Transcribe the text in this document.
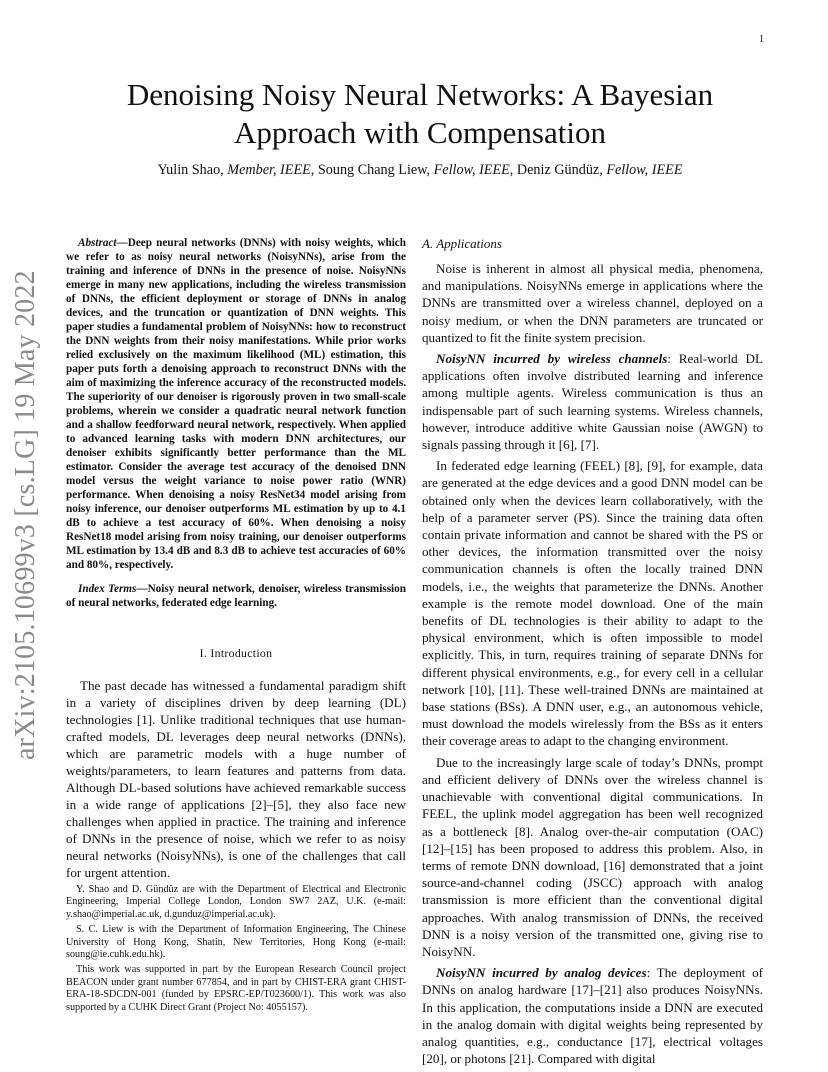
1
arXiv:2105.10699v3 [cs.LG] 19 May 2022
Denoising Noisy Neural Networks: A Bayesian
Approach with Compensation
Yulin Shao, Member, IEEE, Soung Chang Liew, Fellow, IEEE, Deniz Gündüz, Fellow, IEEE

Abstract—Deep neural networks (DNNs) with noisy weights, which we refer to as noisy neural networks (NoisyNNs), arise from the training and inference of DNNs in the presence of noise. NoisyNNs emerge in many new applications, including the wireless transmission of DNNs, the efficient deployment or storage of DNNs in analog devices, and the truncation or quantization of DNN weights. This paper studies a fundamental problem of NoisyNNs: how to reconstruct the DNN weights from their noisy manifestations. While prior works relied exclusively on the maximum likelihood (ML) estimation, this paper puts forth a denoising approach to reconstruct DNNs with the aim of maximizing the inference accuracy of the reconstructed models. The superiority of our denoiser is rigorously proven in two small-scale problems, wherein we consider a quadratic neural network function and a shallow feedforward neural network, respectively. When applied to advanced learning tasks with modern DNN architectures, our denoiser exhibits significantly better performance than the ML estimator. Consider the average test accuracy of the denoised DNN model versus the weight variance to noise power ratio (WNR) performance. When denoising a noisy ResNet34 model arising from noisy inference, our denoiser outperforms ML estimation by up to 4.1 dB to achieve a test accuracy of 60%. When denoising a noisy ResNet18 model arising from noisy training, our denoiser outperforms ML estimation by 13.4 dB and 8.3 dB to achieve test accuracies of 60% and 80%, respectively.

Index Terms—Noisy neural network, denoiser, wireless transmission of neural networks, federated edge learning.

I. Introduction

The past decade has witnessed a fundamental paradigm shift in a variety of disciplines driven by deep learning (DL) technologies [1]. Unlike traditional techniques that use human-crafted models, DL leverages deep neural networks (DNNs), which are parametric models with a huge number of weights/parameters, to learn features and patterns from data. Although DL-based solutions have achieved remarkable success in a wide range of applications [2]–[5], they also face new challenges when applied in practice. The training and inference of DNNs in the presence of noise, which we refer to as noisy neural networks (NoisyNNs), is one of the challenges that call for urgent attention.

Y. Shao and D. Gündüz are with the Department of Electrical and Electronic Engineering, Imperial College London, London SW7 2AZ, U.K. (e-mail: y.shao@imperial.ac.uk, d.gunduz@imperial.ac.uk).

S. C. Liew is with the Department of Information Engineering, The Chinese University of Hong Kong, Shatin, New Territories, Hong Kong (e-mail: soung@ie.cuhk.edu.hk).

This work was supported in part by the European Research Council project BEACON under grant number 677854, and in part by CHIST-ERA grant CHIST-ERA-18-SDCDN-001 (funded by EPSRC-EP/T023600/1). This work was also supported by a CUHK Direct Grant (Project No: 4055157).

A. Applications

Noise is inherent in almost all physical media, phenomena, and manipulations. NoisyNNs emerge in applications where the DNNs are transmitted over a wireless channel, deployed on a noisy medium, or when the DNN parameters are truncated or quantized to fit the finite system precision.

NoisyNN incurred by wireless channels: Real-world DL applications often involve distributed learning and inference among multiple agents. Wireless communication is thus an indispensable part of such learning systems. Wireless channels, however, introduce additive white Gaussian noise (AWGN) to signals passing through it [6], [7].

In federated edge learning (FEEL) [8], [9], for example, data are generated at the edge devices and a good DNN model can be obtained only when the devices learn collaboratively, with the help of a parameter server (PS). Since the training data often contain private information and cannot be shared with the PS or other devices, the information transmitted over the noisy communication channels is often the locally trained DNN models, i.e., the weights that parameterize the DNNs. Another example is the remote model download. One of the main benefits of DL technologies is their ability to adapt to the physical environment, which is often impossible to model explicitly. This, in turn, requires training of separate DNNs for different physical environments, e.g., for every cell in a cellular network [10], [11]. These well-trained DNNs are maintained at base stations (BSs). A DNN user, e.g., an autonomous vehicle, must download the models wirelessly from the BSs as it enters their coverage areas to adapt to the changing environment.

Due to the increasingly large scale of today’s DNNs, prompt and efficient delivery of DNNs over the wireless channel is unachievable with conventional digital communications. In FEEL, the uplink model aggregation has been well recognized as a bottleneck [8]. Analog over-the-air computation (OAC) [12]–[15] has been proposed to address this problem. Also, in terms of remote DNN download, [16] demonstrated that a joint source-and-channel coding (JSCC) approach with analog transmission is more efficient than the conventional digital approaches. With analog transmission of DNNs, the received DNN is a noisy version of the transmitted one, giving rise to NoisyNN.

NoisyNN incurred by analog devices: The deployment of DNNs on analog hardware [17]–[21] also produces NoisyNNs. In this application, the computations inside a DNN are executed in the analog domain with digital weights being represented by analog quantities, e.g., conductance [17], electrical voltages [20], or photons [21]. Compared with digital
